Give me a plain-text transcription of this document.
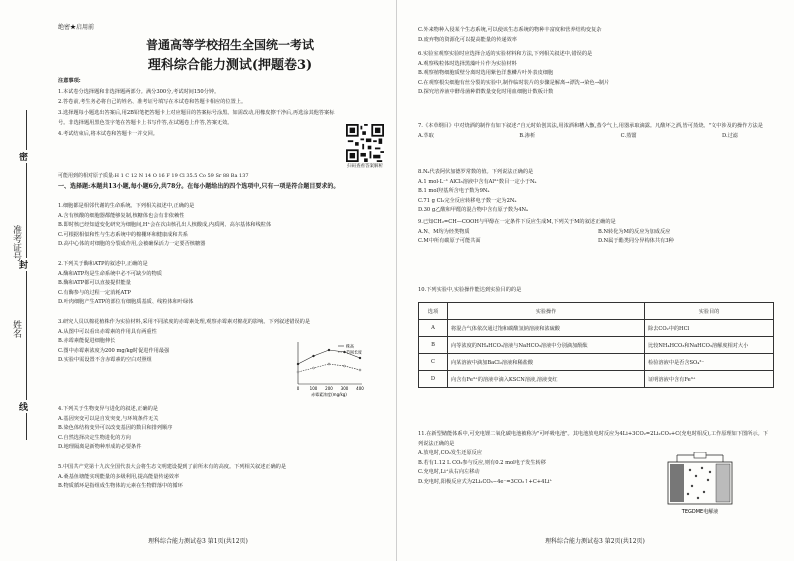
密
封
线
准考证号
姓名
绝密★启用前
普通高等学校招生全国统一考试
理科综合能力测试(押题卷3)
注意事项:
1.本试卷分选择题和非选择题两部分。满分300分,考试时间150分钟。
2.答卷前,考生务必将自己的姓名、准考证号填写在本试卷和答题卡相应的位置上。
3.选择题每小题选出答案后,用2B铅笔把答题卡上对应题目的答案标号涂黑。如需改动,用橡皮擦干净后,再选涂其他答案标号。非选择题用黑色签字笔在答题卡上书写作答,在试题卷上作答,答案无效。
4.考试结束后,将本试卷和答题卡一并交回。
扫码查看答案解析
可能用到的相对原子质量:H 1 C 12 N 14 O 16 F 19 Cl 35.5 Co 59 Sr 88 Ba 137
一、选择题:本题共13小题,每小题6分,共78分。在每小题给出的四个选项中,只有一项是符合题目要求的。
1.细胞都是相邻代谢的生命系统。下列相关叙述中,正确的是
A.含有核酸的细胞器都能够复制,核糖体也会有非依赖性
B.即时核已经知道变化研究为细胞间,H⁺会在次由核孔出人核酸成,内质网、高尔基体和线粒体
C.可根据相似和性与生态系统中的棉棚环和健康成和共系
D.高中心体的对细胞的分裂成作用,会被确保活力一定要否核糖器
2.下列关于酶和ATP的叙述中,正确的是
A.酶和ATP均是生命系统中必不可缺少的物质
B.酶和ATP都可以直接提供能量
C.有酶参与的过程一定消耗ATP
D.叶肉细胞产生ATP的部位有细胞质基质、线粒体和叶绿体
3.研究人员以棉花植株作为实验材料,采用不同浓度的赤霉素处理,观察赤霉素对棉花的影响。下列叙述错误的是
A.从图中可以看出赤霉素的作用具有两重性
B.赤霉素能促进细胞伸长
C.图中赤霉素浓度为200 mg/kg时促进作用最强
D.实验中需设置不含赤霉素的空白对照组
0	100 200 300 400
赤霉素浓度(mg/kg)
株高
节间长度
4.下列关于生物变异与进化的叙述,正确的是
A.基因突变可以是自发突变,与环境条件无关
B.染色体结构变异可以改变基因的数目和排列顺序
C.自然选择决定生物进化的方向
D.地理隔离是新物种形成的必要条件
5.中国共产党第十九次全国代表大会将生态文明建设提到了前所未有的高度。下列相关叙述正确的是
A.桑基鱼塘能实现能量的多级利用,提高能量传递效率
B.物质循环是指组成生物体的元素在生物群落中的循环
理科综合能力测试卷3 第1页(共12页)
C.外来物种入侵某个生态系统,可以使该生态系统的物种丰富度和营养结构变复杂
D.废弃物的资源化可以提高能量的传递效率
6.实验室观察实验时应选择合适的实验材料和方法,下列相关叙述中,错误的是
A.观察线粒体时选择黑藻叶片作为实验材料
B.观察植物细胞质壁分离时选用紫色洋葱鳞片叶外表皮细胞
C.在观察根尖细胞有丝分裂的实验中,制作临时装片的步骤是解离→漂洗→染色→制片
D.探究培养液中酵母菌种群数量变化时用血细胞计数板计数
7.《本草纲目》中对烧酒的制作有如下叙述:"自元时始创其法,用浓酒和糟入甑,蒸令气上,用器承取滴露。凡酸坏之酒,皆可蒸烧。"文中涉及的操作方法是
A.萃取	B.渗析	C.蒸馏	D.过滤
8.Nₐ代表阿伏加德罗常数的值。下列说法正确的是
A.1 mol·L⁻¹ AlCl₃溶液中含有Al³⁺数目一定小于Nₐ
B.1 mol羟基所含电子数为9Nₐ
C.71 g Cl₂完全反应转移电子数一定为2Nₐ
D.30 g乙酸和甲醛的混合物中含有原子数为4Nₐ
9.已知CH₂=CH—COOH与甲醇在一定条件下反应生成M,下列关于M的叙述正确的是
A.N、M均为烃类物质	B.N转化为M的反应为加成反应
C.M中所有碳原子可能共面	D.N属于酯类同分异构体共有3种
10.下列实验中,实验操作能达到实验目的的是
选项	实验操作	实验目的
A	将混合气体依次通过饱和碳酸氢钠溶液和浓硫酸	除去CO₂中的HCl
B	向等浓度的NH₄HCO₃溶液与NaHCO₃溶液中分别滴加酚酞	比较NH₄HCO₃和NaHCO₃溶解度相对大小
C	向某溶液中滴加BaCl₂溶液和稀盐酸	检验溶液中是否含SO₄²⁻
D	向含有Fe³⁺的溶液中滴入KSCN溶液,溶液变红	证明溶液中含有Fe³⁺
11.在新型储能体系中,可充电锂二氧化碳电池被称为"可呼吸电池"。其电池放电时反应为4Li+3CO₂=2Li₂CO₃+C(充电时相反),工作原理如下图所示。下列说法正确的是
A.放电时,CO₂发生还原反应
B.若有1.12 L CO₂参与反应,则有0.2 mol电子发生转移
C.充电时,Li⁺从右向左移动
D.充电时,阳极反应式为2Li₂CO₃−4e⁻=3CO₂↑+C+4Li⁺
TEGDME电解液
理科综合能力测试卷3 第2页(共12页)
